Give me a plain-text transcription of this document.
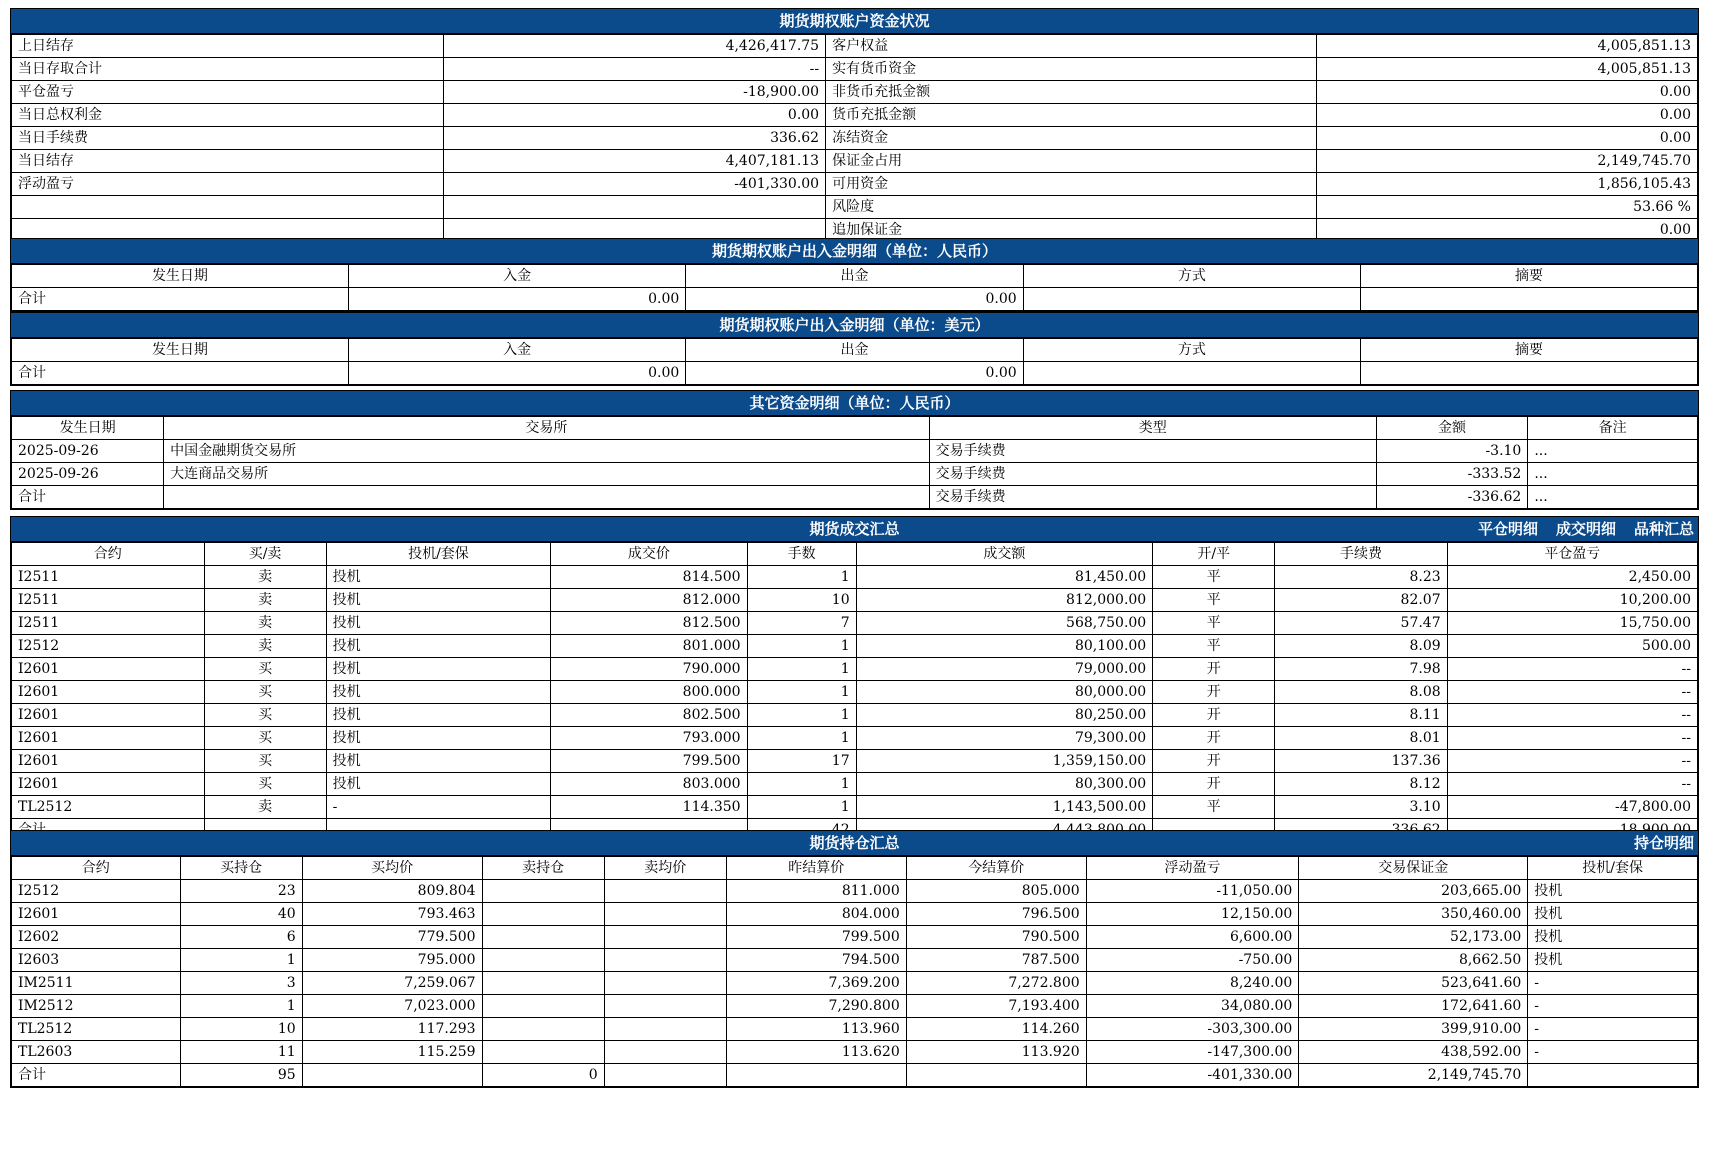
期货期权账户资金状况
上日结存	4,426,417.75	客户权益	4,005,851.13
当日存取合计	--	实有货币资金	4,005,851.13
平仓盈亏	-18,900.00	非货币充抵金额	0.00
当日总权利金	0.00	货币充抵金额	0.00
当日手续费	336.62	冻结资金	0.00
当日结存	4,407,181.13	保证金占用	2,149,745.70
浮动盈亏	-401,330.00	可用资金	1,856,105.43
		风险度	53.66 %
		追加保证金	0.00
期货期权账户出入金明细（单位：人民币）
发生日期	入金	出金	方式	摘要
合计	0.00	0.00		
期货期权账户出入金明细（单位：美元）
发生日期	入金	出金	方式	摘要
合计	0.00	0.00		
其它资金明细（单位：人民币）
发生日期	交易所	类型	金额	备注
2025-09-26	中国金融期货交易所	交易手续费	-3.10	...
2025-09-26	大连商品交易所	交易手续费	-333.52	...
合计		交易手续费	-336.62	...
期货成交汇总	平仓明细 成交明细 品种汇总
合约	买/卖	投机/套保	成交价	手数	成交额	开/平	手续费	平仓盈亏
I2511	卖	投机	814.500	1	81,450.00	平	8.23	2,450.00
I2511	卖	投机	812.000	10	812,000.00	平	82.07	10,200.00
I2511	卖	投机	812.500	7	568,750.00	平	57.47	15,750.00
I2512	卖	投机	801.000	1	80,100.00	平	8.09	500.00
I2601	买	投机	790.000	1	79,000.00	开	7.98	--
I2601	买	投机	800.000	1	80,000.00	开	8.08	--
I2601	买	投机	802.500	1	80,250.00	开	8.11	--
I2601	买	投机	793.000	1	79,300.00	开	8.01	--
I2601	买	投机	799.500	17	1,359,150.00	开	137.36	--
I2601	买	投机	803.000	1	80,300.00	开	8.12	--
TL2512	卖	-	114.350	1	1,143,500.00	平	3.10	-47,800.00

期货持仓汇总	持仓明细
合约	买持仓	买均价	卖持仓	卖均价	昨结算价	今结算价	浮动盈亏	交易保证金	投机/套保
I2512	23	809.804			811.000	805.000	-11,050.00	203,665.00	投机
I2601	40	793.463			804.000	796.500	12,150.00	350,460.00	投机
I2602	6	779.500			799.500	790.500	6,600.00	52,173.00	投机
I2603	1	795.000			794.500	787.500	-750.00	8,662.50	投机
IM2511	3	7,259.067			7,369.200	7,272.800	8,240.00	523,641.60	-
IM2512	1	7,023.000			7,290.800	7,193.400	34,080.00	172,641.60	-
TL2512	10	117.293			113.960	114.260	-303,300.00	399,910.00	-
TL2603	11	115.259			113.620	113.920	-147,300.00	438,592.00	-
合计	95		0				-401,330.00	2,149,745.70	
